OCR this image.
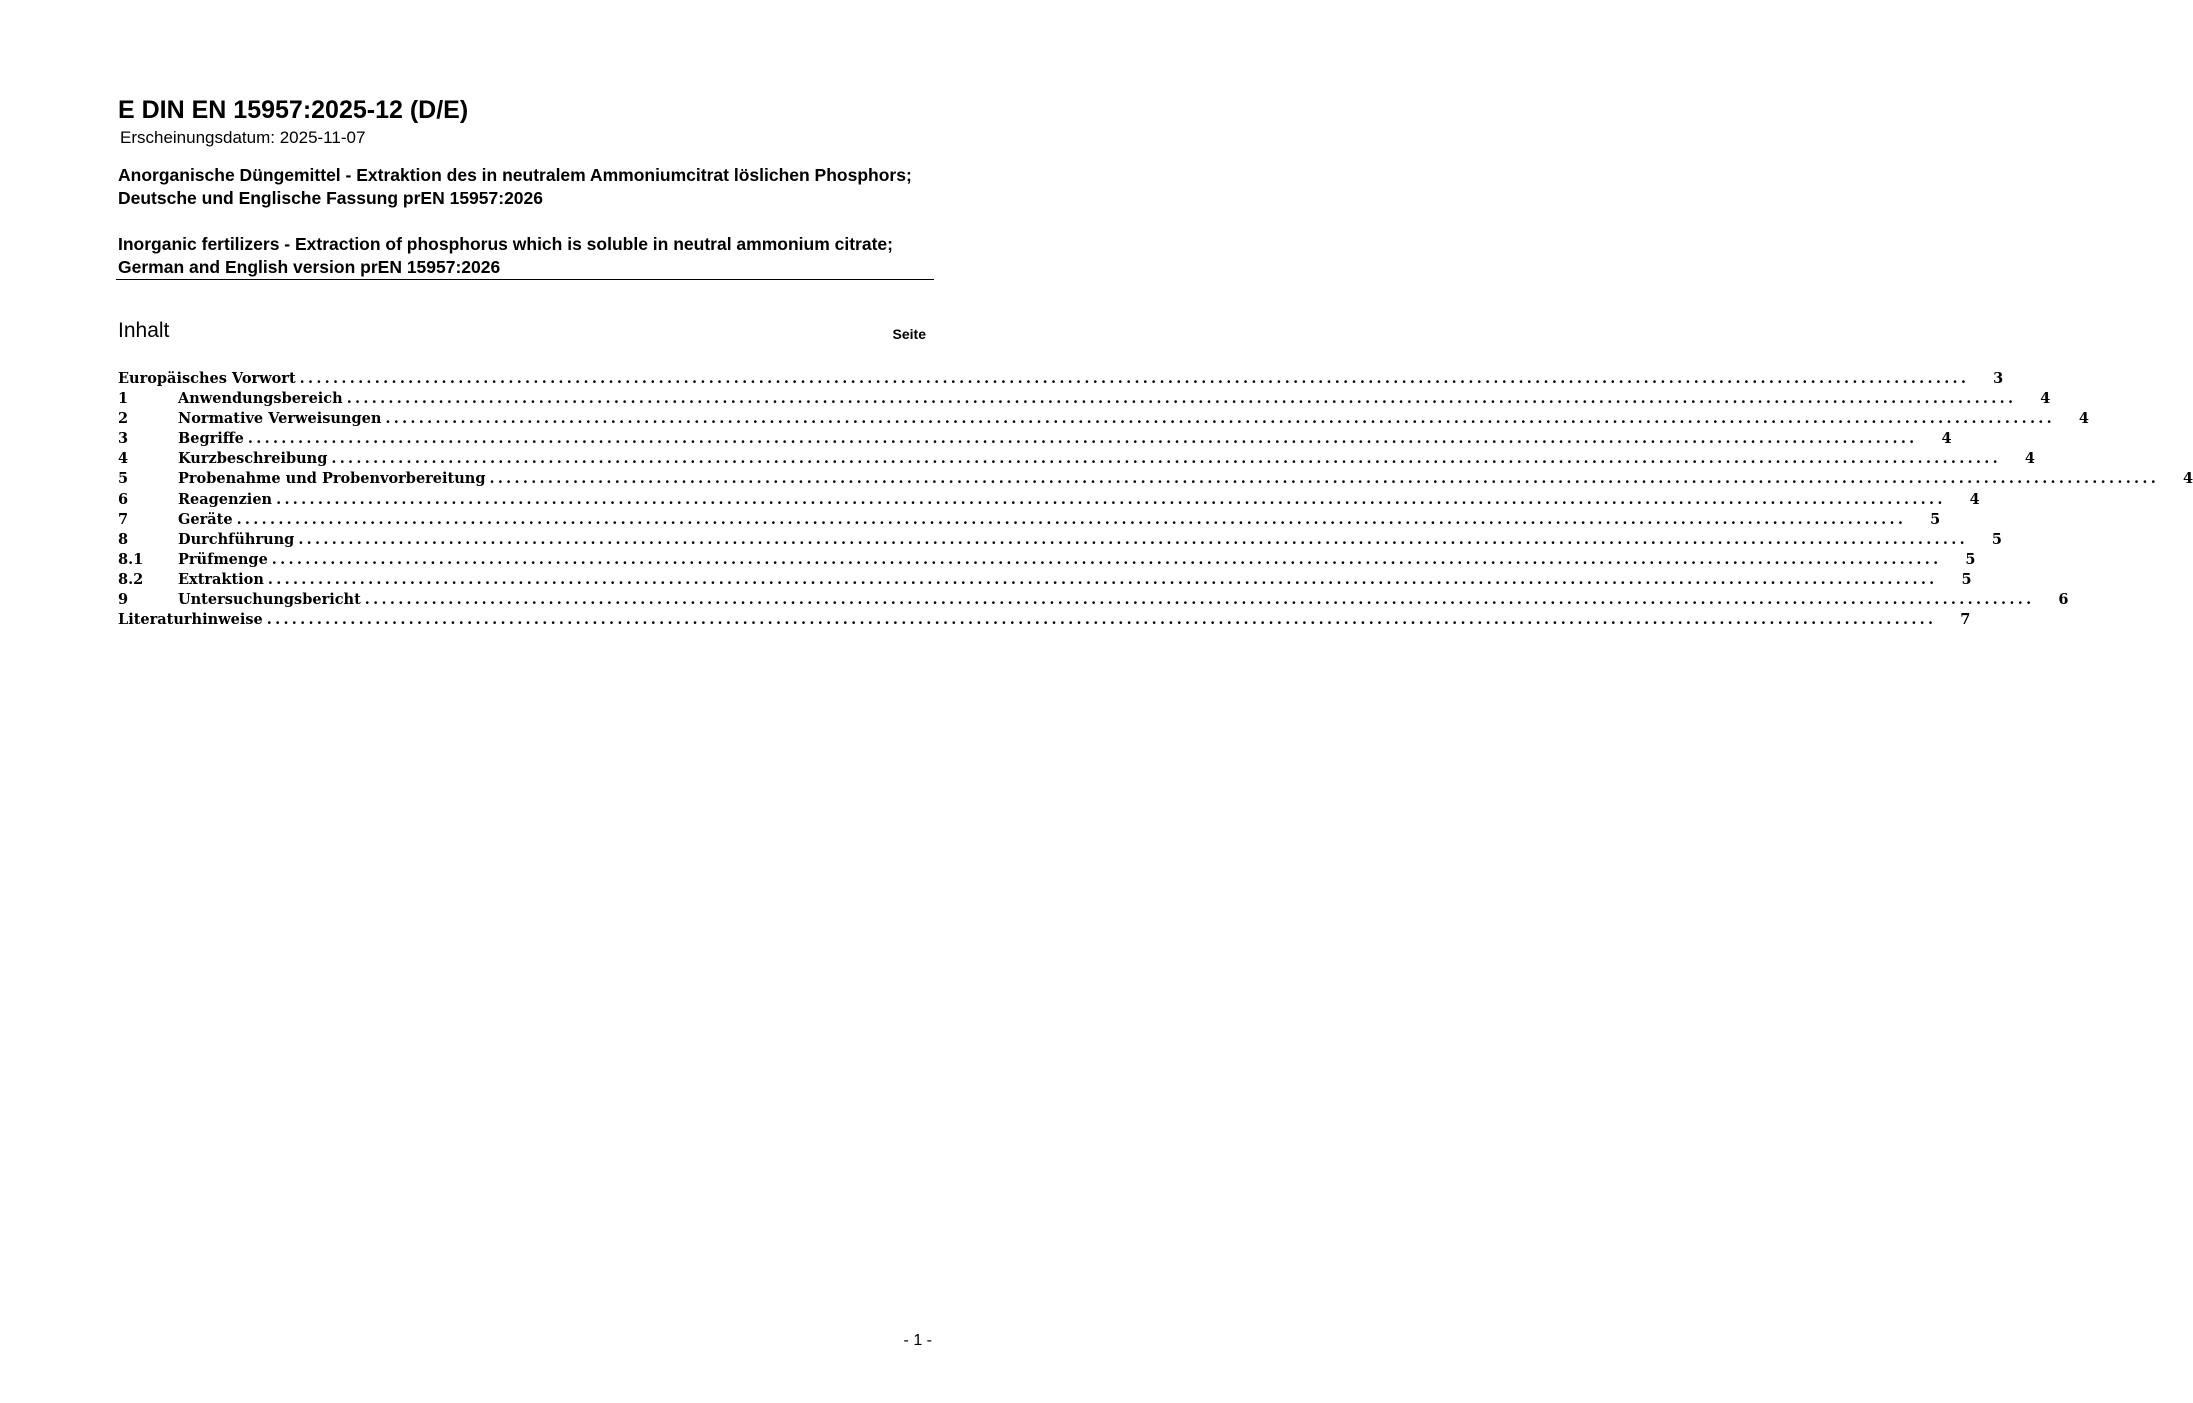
E DIN EN 15957:2025-12 (D/E)
Erscheinungsdatum: 2025-11-07
Anorganische Düngemittel - Extraktion des in neutralem Ammoniumcitrat löslichen Phosphors; Deutsche und Englische Fassung prEN 15957:2026
Inorganic fertilizers - Extraction of phosphorus which is soluble in neutral ammonium citrate; German and English version prEN 15957:2026
Inhalt	Seite
Europäisches Vorwort ........................................................................................................................................................................................................	3
1	Anwendungsbereich ........................................................................................................................................................................................................	4
2	Normative Verweisungen ........................................................................................................................................................................................................	4
3	Begriffe ........................................................................................................................................................................................................	4
4	Kurzbeschreibung ........................................................................................................................................................................................................	4
5	Probenahme und Probenvorbereitung ........................................................................................................................................................................................................	4
6	Reagenzien ........................................................................................................................................................................................................	4
7	Geräte ........................................................................................................................................................................................................	5
8	Durchführung ........................................................................................................................................................................................................	5
8.1	Prüfmenge ........................................................................................................................................................................................................	5
8.2	Extraktion ........................................................................................................................................................................................................	5
9	Untersuchungsbericht ........................................................................................................................................................................................................	6
Literaturhinweise ........................................................................................................................................................................................................	7
- 1 -
